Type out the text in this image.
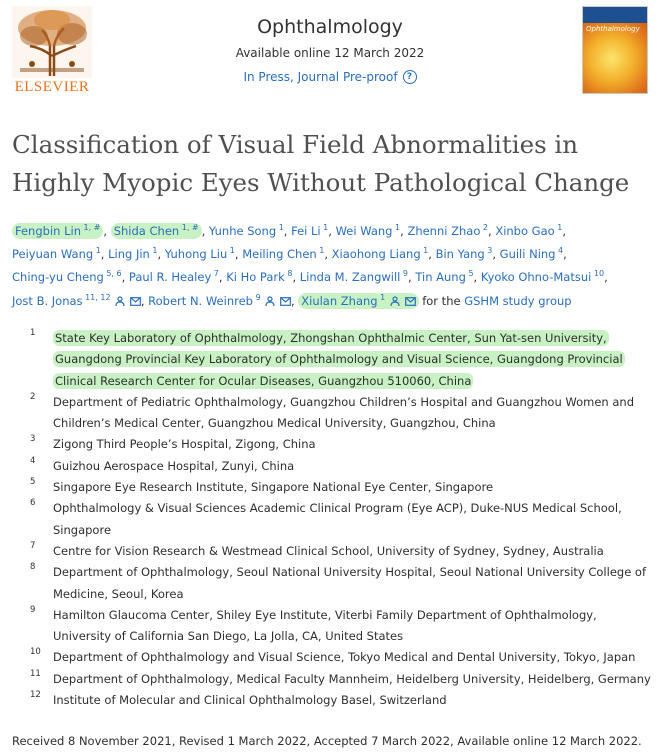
ELSEVIER
Ophthalmology
Available online 12 March 2022
In Press, Journal Pre-proof	?
Ophthalmology
Classification of Visual Field Abnormalities in
Highly Myopic Eyes Without Pathological Change
Fengbin Lin $^{1, \#}$ , Shida Chen $^{1, \#}$ , Yunhe Song $^1$, Fei Li $^1$, Wei Wang $^1$, Zhenni Zhao $^2$, Xinbo Gao $^1$, Peiyuan Wang $^1$, Ling Jin $^1$, Yuhong Liu $^1$, Meiling Chen $^1$, Xiaohong Liang $^1$, Bin Yang $^3$, Guili Ning $^4$, Ching-yu Cheng $^{5, 6}$, Paul R. Healey $^7$, Ki Ho Park $^8$, Linda M. Zangwill $^9$, Tin Aung $^5$, Kyoko Ohno-Matsui $^{10}$, Jost B. Jonas $^{11, 12}$	, Robert N. Weinreb $^9$	, Xiulan Zhang $^1$	for the GSHM study group
1 State Key Laboratory of Ophthalmology, Zhongshan Ophthalmic Center, Sun Yat-sen University, Guangdong Provincial Key Laboratory of Ophthalmology and Visual Science, Guangdong Provincial Clinical Research Center for Ocular Diseases, Guangzhou 510060, China
2 Department of Pediatric Ophthalmology, Guangzhou Children’s Hospital and Guangzhou Women and Children’s Medical Center, Guangzhou Medical University, Guangzhou, China
3 Zigong Third People’s Hospital, Zigong, China
4 Guizhou Aerospace Hospital, Zunyi, China
5 Singapore Eye Research Institute, Singapore National Eye Center, Singapore
6 Ophthalmology & Visual Sciences Academic Clinical Program (Eye ACP), Duke-NUS Medical School, Singapore
7 Centre for Vision Research & Westmead Clinical School, University of Sydney, Sydney, Australia
8 Department of Ophthalmology, Seoul National University Hospital, Seoul National University College of Medicine, Seoul, Korea
9 Hamilton Glaucoma Center, Shiley Eye Institute, Viterbi Family Department of Ophthalmology, University of California San Diego, La Jolla, CA, United States
10 Department of Ophthalmology and Visual Science, Tokyo Medical and Dental University, Tokyo, Japan
11 Department of Ophthalmology, Medical Faculty Mannheim, Heidelberg University, Heidelberg, Germany
12 Institute of Molecular and Clinical Ophthalmology Basel, Switzerland
Received 8 November 2021, Revised 1 March 2022, Accepted 7 March 2022, Available online 12 March 2022.
